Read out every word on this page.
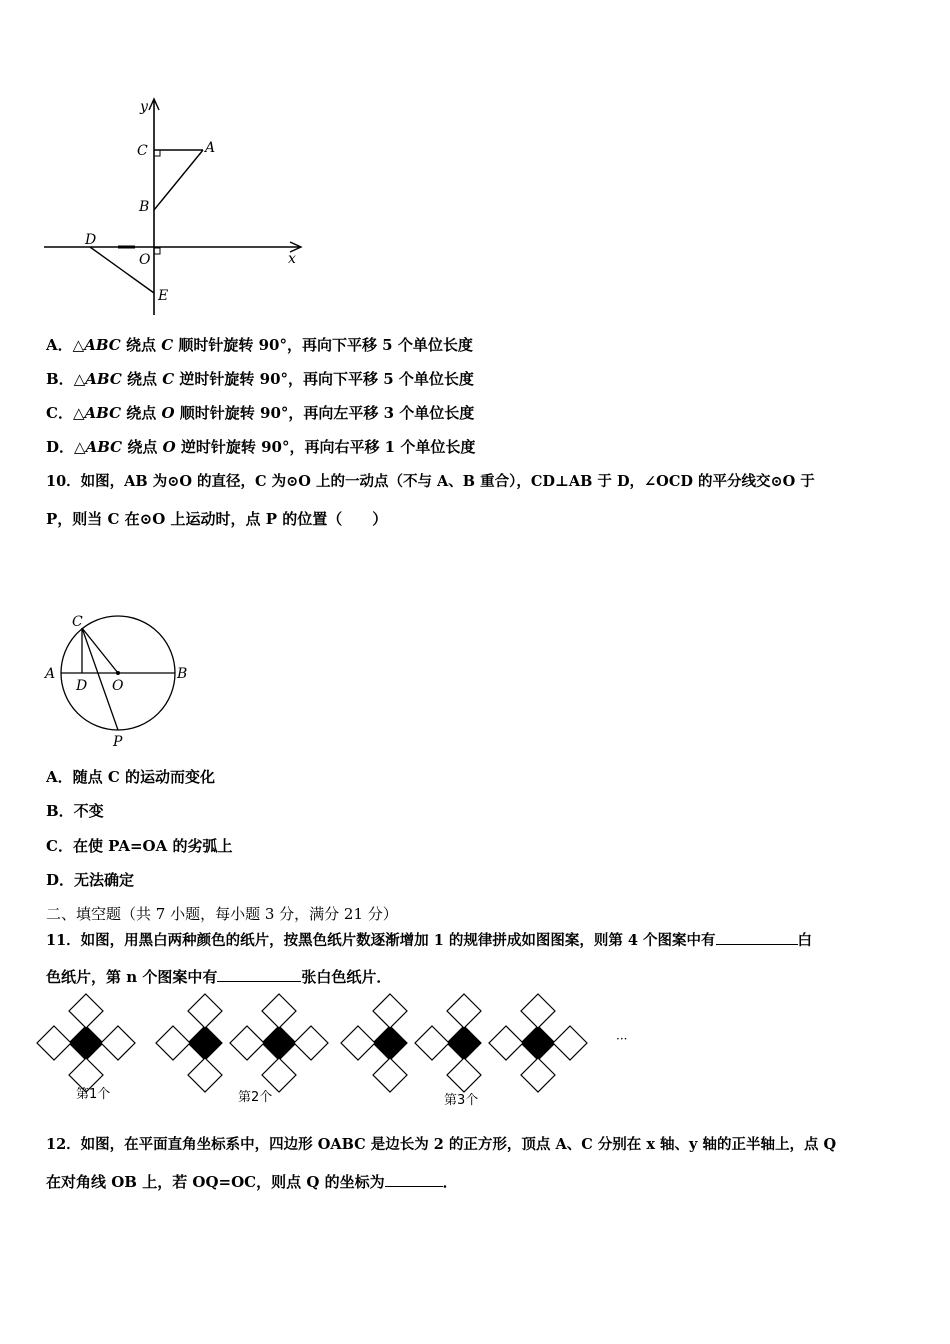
y
C	A
B
D
O	x
E
A．△ABC 绕点 C 顺时针旋转 90°，再向下平移 5 个单位长度
B．△ABC 绕点 C 逆时针旋转 90°，再向下平移 5 个单位长度
C．△ABC 绕点 O 顺时针旋转 90°，再向左平移 3 个单位长度
D．△ABC 绕点 O 逆时针旋转 90°，再向右平移 1 个单位长度
10．如图，AB 为⊙O 的直径，C 为⊙O 上的一动点（不与 A、B 重合），CD⊥AB 于 D，∠OCD 的平分线交⊙O 于
P，则当 C 在⊙O 上运动时，点 P 的位置（　　）
C
A	B
D O
P
A．随点 C 的运动而变化
B．不变
C．在使 PA=OA 的劣弧上
D．无法确定
二、填空题（共 7 小题，每小题 3 分，满分 21 分）
11．如图，用黑白两种颜色的纸片，按黑色纸片数逐渐增加 1 的规律拼成如图图案，则第 4 个图案中有	白
色纸片，第 n 个图案中有	张白色纸片．
···
第1个	第2个	第3个
12．如图，在平面直角坐标系中，四边形 OABC 是边长为 2 的正方形，顶点 A、C 分别在 x 轴、y 轴的正半轴上，点 Q
在对角线 OB 上，若 OQ=OC，则点 Q 的坐标为	．
